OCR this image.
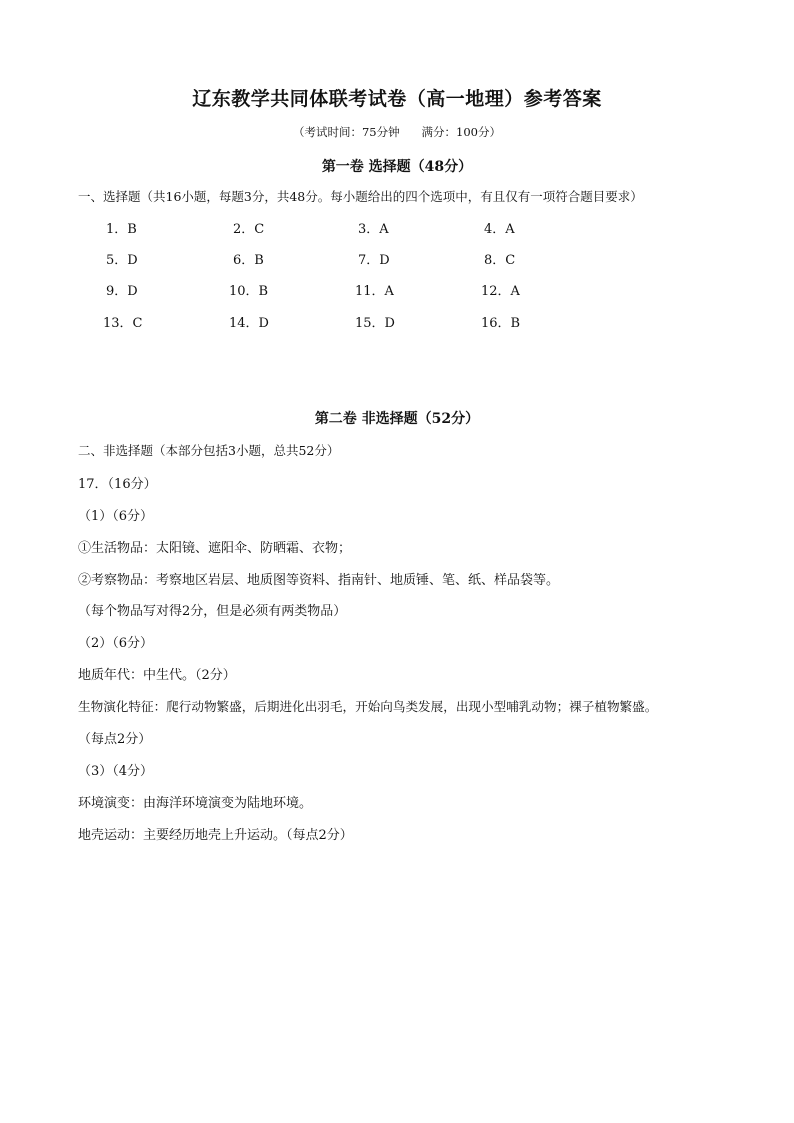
辽东教学共同体联考试卷（高一地理）参考答案
（考试时间：75分钟      满分：100分）
第一卷 选择题（48分）
一、选择题（共16小题，每题3分，共48分。每小题给出的四个选项中，有且仅有一项符合题目要求）
1．B	2．C	3．A	4．A
5．D	6．B	7．D	8．C
9．D	10．B	11．A	12．A
13．C	14．D	15．D	16．B
第二卷 非选择题（52分）
二、非选择题（本部分包括3小题，总共52分）
17．（16分）
（1）（6分）
①生活物品：太阳镜、遮阳伞、防晒霜、衣物；
②考察物品：考察地区岩层、地质图等资料、指南针、地质锤、笔、纸、样品袋等。
（每个物品写对得2分，但是必须有两类物品）
（2）（6分）
地质年代：中生代。（2分）
生物演化特征：爬行动物繁盛，后期进化出羽毛，开始向鸟类发展，出现小型哺乳动物；裸子植物繁盛。
（每点2分）
（3）（4分）
环境演变：由海洋环境演变为陆地环境。
地壳运动：主要经历地壳上升运动。（每点2分）
